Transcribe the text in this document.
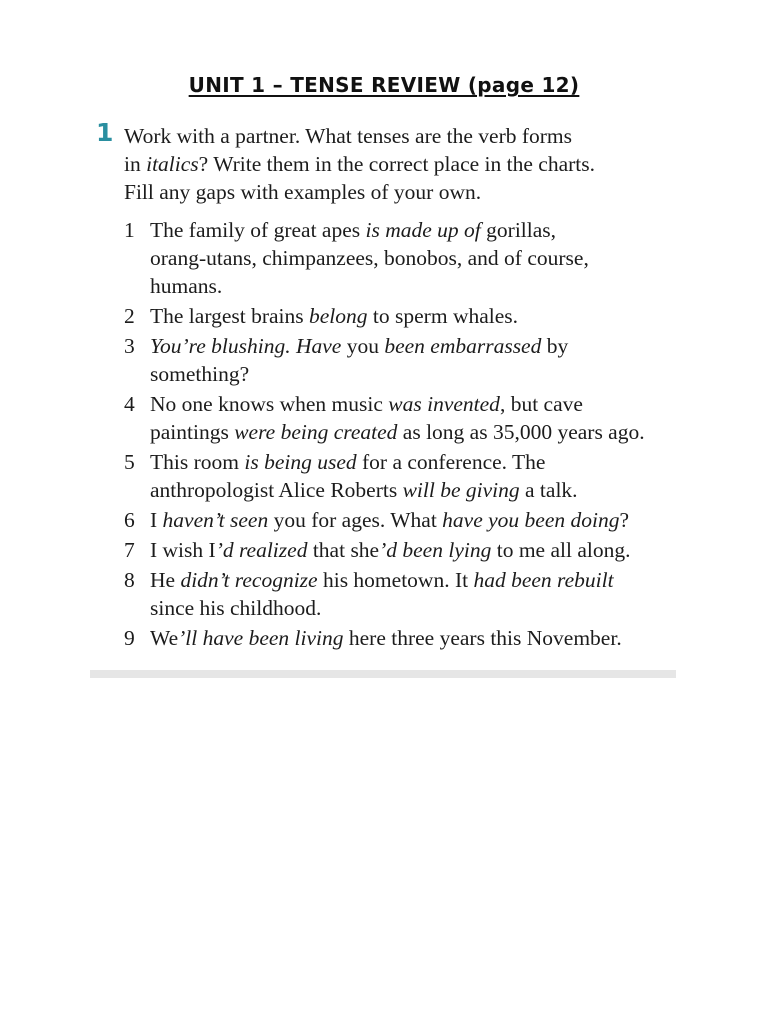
UNIT 1 – TENSE REVIEW (page 12)
1 Work with a partner. What tenses are the verb forms
in italics? Write them in the correct place in the charts.
Fill any gaps with examples of your own.
1 The family of great apes is made up of gorillas,
orang-utans, chimpanzees, bonobos, and of course,
humans.
2 The largest brains belong to sperm whales.
3 You’re blushing. Have you been embarrassed by
something?
4 No one knows when music was invented, but cave
paintings were being created as long as 35,000 years ago.
5 This room is being used for a conference. The
anthropologist Alice Roberts will be giving a talk.
6 I haven’t seen you for ages. What have you been doing?
7 I wish I’d realized that she’d been lying to me all along.
8 He didn’t recognize his hometown. It had been rebuilt
since his childhood.
9 We’ll have been living here three years this November.
